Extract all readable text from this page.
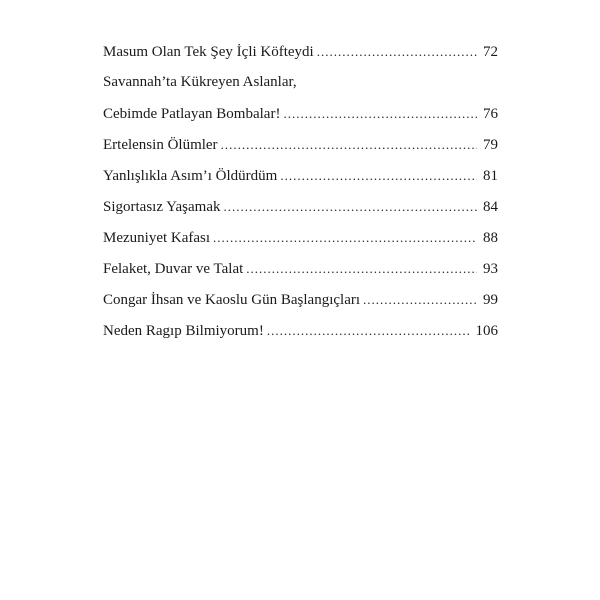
Masum Olan Tek Şey İçli Köfteydi .....	72
Savannah’ta Kükreyen Aslanlar,
Cebimde Patlayan Bombalar! .....	76
Ertelensin Ölümler .....	79
Yanlışlıkla Asım’ı Öldürdüm .....	81
Sigortasız Yaşamak .....	84
Mezuniyet Kafası .....	88
Felaket, Duvar ve Talat .....	93
Congar İhsan ve Kaoslu Gün Başlangıçları .....	99
Neden Ragıp Bilmiyorum! .....	106
